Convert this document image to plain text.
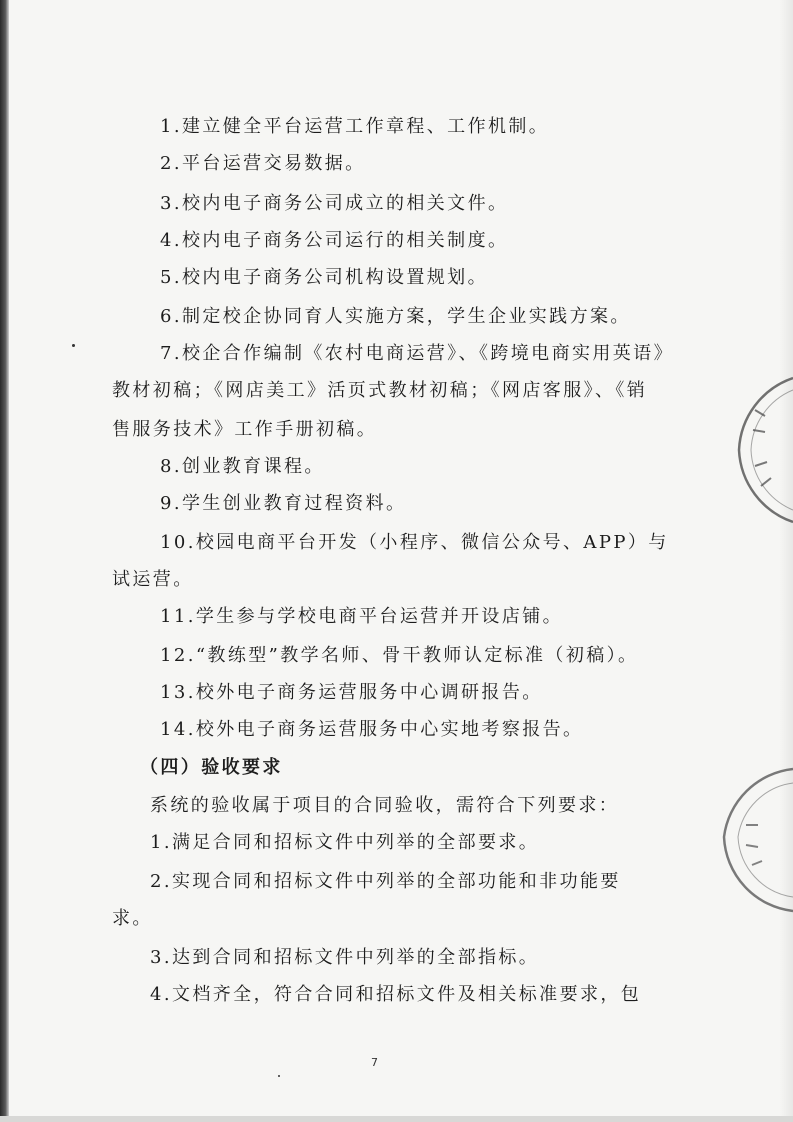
1.建立健全平台运营工作章程、工作机制。

2.平台运营交易数据。

3.校内电子商务公司成立的相关文件。

4.校内电子商务公司运行的相关制度。

5.校内电子商务公司机构设置规划。

6.制定校企协同育人实施方案，学生企业实践方案。

7.校企合作编制《农村电商运营》、《跨境电商实用英语》

教材初稿；《网店美工》活页式教材初稿；《网店客服》、《销

售服务技术》工作手册初稿。

8.创业教育课程。

9.学生创业教育过程资料。

10.校园电商平台开发（小程序、微信公众号、APP）与

试运营。

11.学生参与学校电商平台运营并开设店铺。

12.“教练型”教学名师、骨干教师认定标准（初稿）。

13.校外电子商务运营服务中心调研报告。

14.校外电子商务运营服务中心实地考察报告。

（四）验收要求

系统的验收属于项目的合同验收，需符合下列要求：

1.满足合同和招标文件中列举的全部要求。

2.实现合同和招标文件中列举的全部功能和非功能要

求。

3.达到合同和招标文件中列举的全部指标。

4.文档齐全，符合合同和招标文件及相关标准要求，包

7
